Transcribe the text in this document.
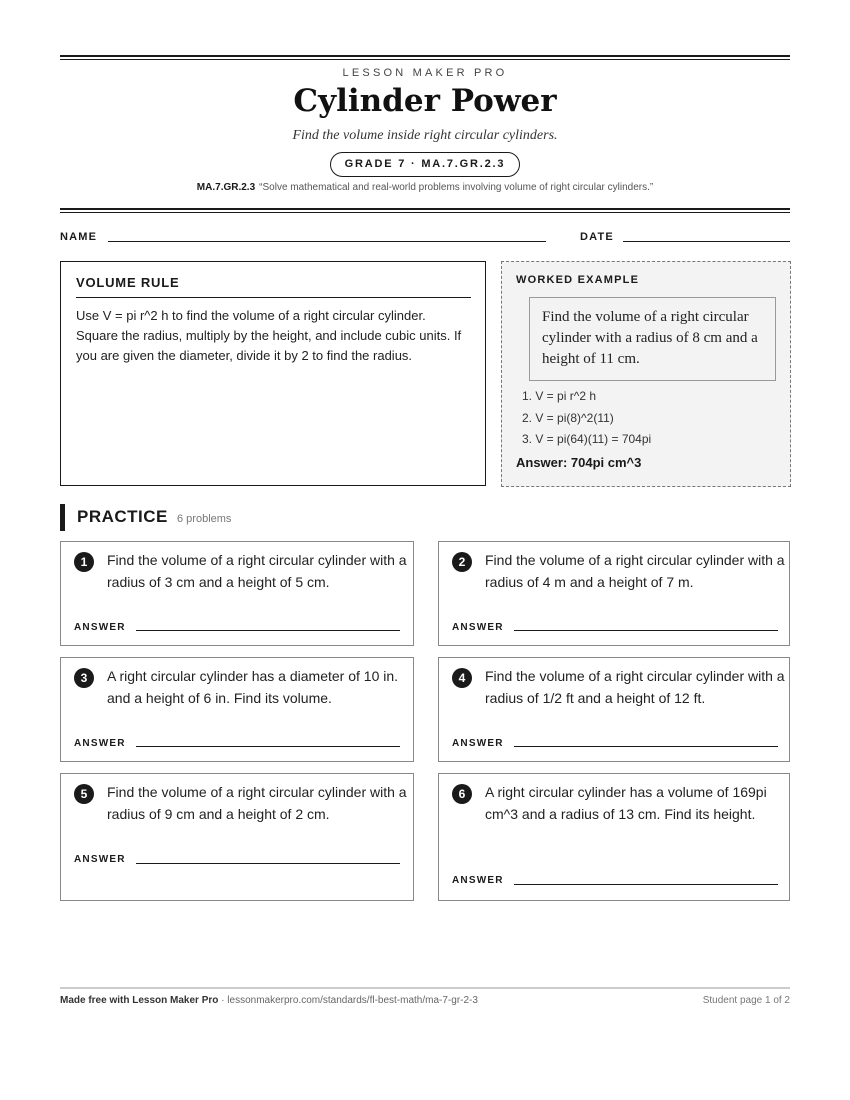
LESSON MAKER PRO
Cylinder Power
Find the volume inside right circular cylinders.
GRADE 7 · MA.7.GR.2.3
MA.7.GR.2.3 “Solve mathematical and real-world problems involving volume of right circular cylinders.”
NAME	DATE
VOLUME RULE
Use V = pi r^2 h to find the volume of a right circular cylinder. Square the radius, multiply by the height, and include cubic units. If you are given the diameter, divide it by 2 to find the radius.
WORKED EXAMPLE
Find the volume of a right circular cylinder with a radius of 8 cm and a height of 11 cm.
1. V = pi r^2 h
2. V = pi(8)^2(11)
3. V = pi(64)(11) = 704pi
Answer: 704pi cm^3
PRACTICE 6 problems
1	Find the volume of a right circular cylinder with a radius of 3 cm and a height of 5 cm.
ANSWER
2	Find the volume of a right circular cylinder with a radius of 4 m and a height of 7 m.
ANSWER
3	A right circular cylinder has a diameter of 10 in. and a height of 6 in. Find its volume.
ANSWER
4	Find the volume of a right circular cylinder with a radius of 1/2 ft and a height of 12 ft.
ANSWER
5	Find the volume of a right circular cylinder with a radius of 9 cm and a height of 2 cm.
ANSWER
6	A right circular cylinder has a volume of 169pi cm^3 and a radius of 13 cm. Find its height.
ANSWER
Made free with Lesson Maker Pro · lessonmakerpro.com/standards/fl-best-math/ma-7-gr-2-3	Student page 1 of 2
